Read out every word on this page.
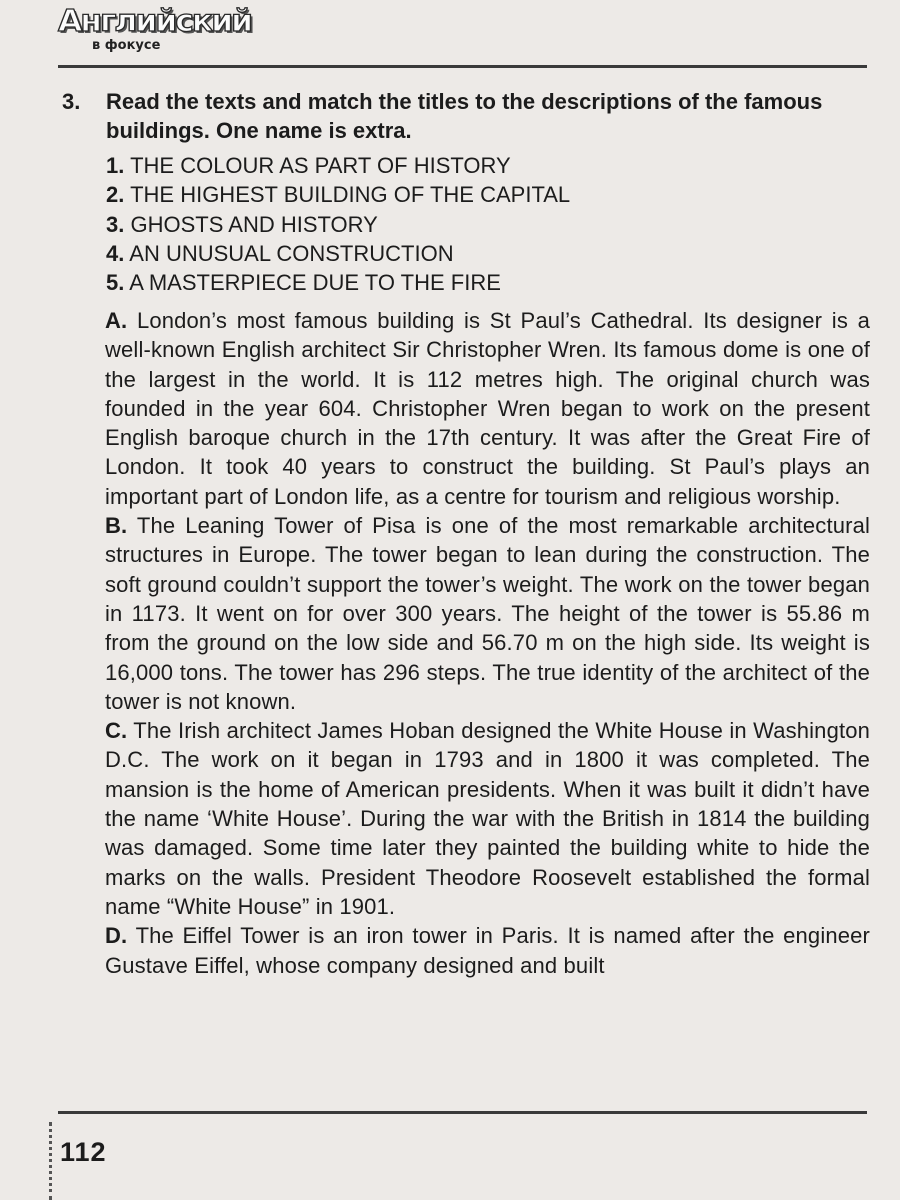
Английский
в фокусе
3. Read the texts and match the titles to the descriptions of the famous buildings. One name is extra.
1. THE COLOUR AS PART OF HISTORY
2. THE HIGHEST BUILDING OF THE CAPITAL
3. GHOSTS AND HISTORY
4. AN UNUSUAL CONSTRUCTION
5. A MASTERPIECE DUE TO THE FIRE

A. London’s most famous building is St Paul’s Cathedral. Its designer is a well-known English architect Sir Christopher Wren. Its famous dome is one of the largest in the world. It is 112 metres high. The original church was founded in the year 604. Christopher Wren began to work on the present English baroque church in the 17th century. It was after the Great Fire of London. It took 40 years to construct the building. St Paul’s plays an important part of London life, as a centre for tourism and religious worship.

B. The Leaning Tower of Pisa is one of the most remarkable architectural structures in Europe. The tower began to lean during the construction. The soft ground couldn’t support the tower’s weight. The work on the tower began in 1173. It went on for over 300 years. The height of the tower is 55.86 m from the ground on the low side and 56.70 m on the high side. Its weight is 16,000 tons. The tower has 296 steps. The true identity of the architect of the tower is not known.

C. The Irish architect James Hoban designed the White House in Washington D.C. The work on it began in 1793 and in 1800 it was completed. The mansion is the home of American presidents. When it was built it didn’t have the name ‘White House’. During the war with the British in 1814 the building was damaged. Some time later they painted the building white to hide the marks on the walls. President Theodore Roosevelt established the formal name “White House” in 1901.

D. The Eiffel Tower is an iron tower in Paris. It is named after the engineer Gustave Eiffel, whose company designed and built

112
